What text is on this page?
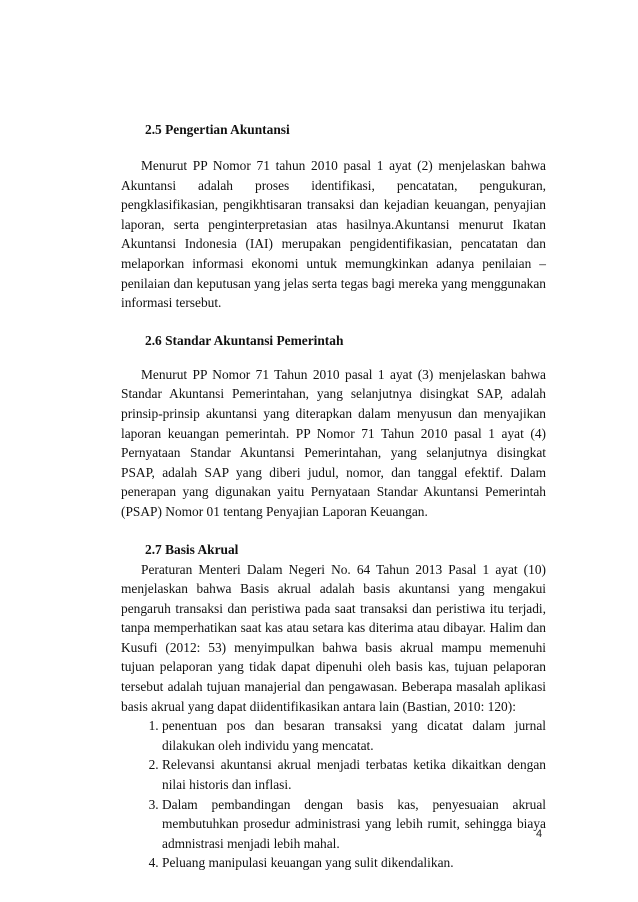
2.5 Pengertian Akuntansi

Menurut PP Nomor 71 tahun 2010 pasal 1 ayat (2) menjelaskan bahwa Akuntansi adalah proses identifikasi, pencatatan, pengukuran, pengklasifikasian, pengikhtisaran transaksi dan kejadian keuangan, penyajian laporan, serta penginterpretasian atas hasilnya.Akuntansi menurut Ikatan Akuntansi Indonesia (IAI) merupakan pengidentifikasian, pencatatan dan melaporkan informasi ekonomi untuk memungkinkan adanya penilaian – penilaian dan keputusan yang jelas serta tegas bagi mereka yang menggunakan informasi tersebut.

2.6 Standar Akuntansi Pemerintah

Menurut PP Nomor 71 Tahun 2010 pasal 1 ayat (3) menjelaskan bahwa Standar Akuntansi Pemerintahan, yang selanjutnya disingkat SAP, adalah prinsip-prinsip akuntansi yang diterapkan dalam menyusun dan menyajikan laporan keuangan pemerintah. PP Nomor 71 Tahun 2010 pasal 1 ayat (4) Pernyataan Standar Akuntansi Pemerintahan, yang selanjutnya disingkat PSAP, adalah SAP yang diberi judul, nomor, dan tanggal efektif. Dalam penerapan yang digunakan yaitu Pernyataan Standar Akuntansi Pemerintah (PSAP) Nomor 01 tentang Penyajian Laporan Keuangan.

2.7 Basis Akrual

Peraturan Menteri Dalam Negeri No. 64 Tahun 2013 Pasal 1 ayat (10) menjelaskan bahwa Basis akrual adalah basis akuntansi yang mengakui pengaruh transaksi dan peristiwa pada saat transaksi dan peristiwa itu terjadi, tanpa memperhatikan saat kas atau setara kas diterima atau dibayar. Halim dan Kusufi (2012: 53) menyimpulkan bahwa basis akrual mampu memenuhi tujuan pelaporan yang tidak dapat dipenuhi oleh basis kas, tujuan pelaporan tersebut adalah tujuan manajerial dan pengawasan. Beberapa masalah aplikasi basis akrual yang dapat diidentifikasikan antara lain (Bastian, 2010: 120):

1. penentuan pos dan besaran transaksi yang dicatat dalam jurnal dilakukan oleh individu yang mencatat.
2. Relevansi akuntansi akrual menjadi terbatas ketika dikaitkan dengan nilai historis dan inflasi.
3. Dalam pembandingan dengan basis kas, penyesuaian akrual membutuhkan prosedur administrasi yang lebih rumit, sehingga biaya admnistrasi menjadi lebih mahal.
4. Peluang manipulasi keuangan yang sulit dikendalikan.
4
